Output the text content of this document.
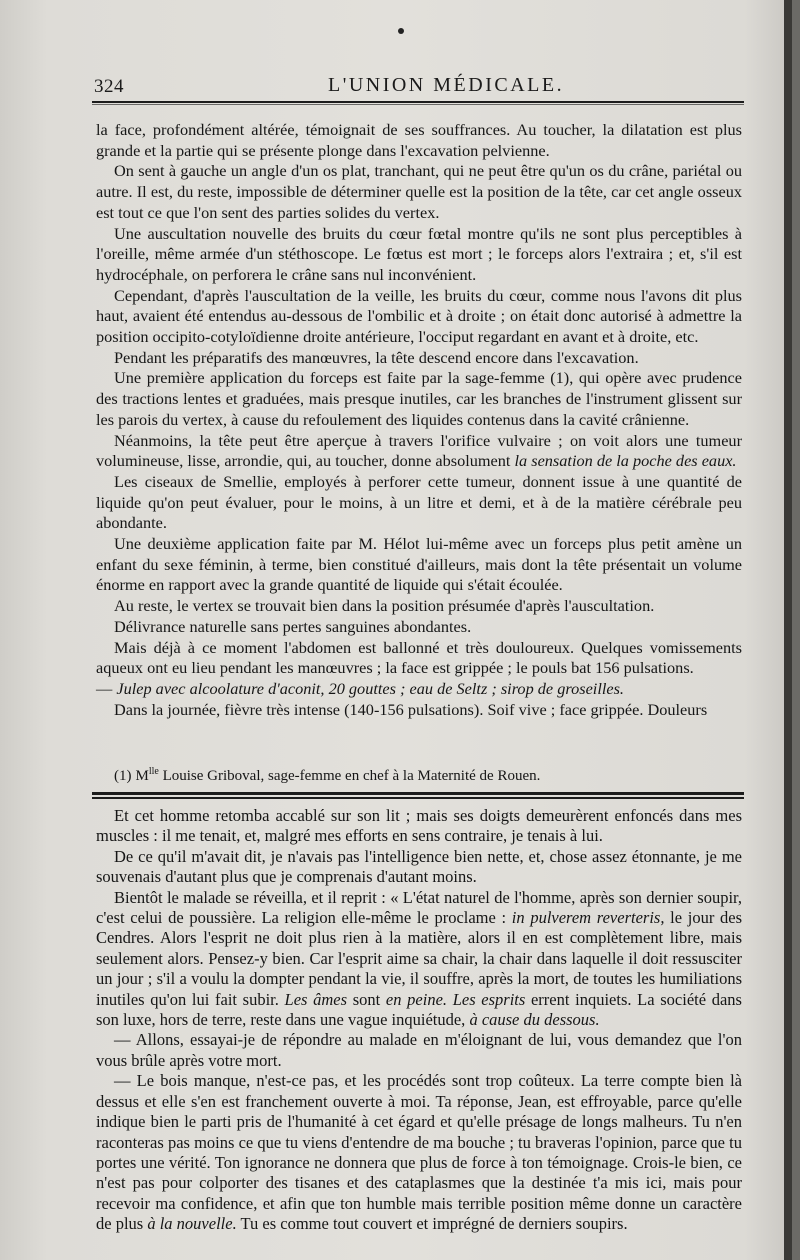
324	L'UNION MÉDICALE.

la face, profondément altérée, témoignait de ses souffrances. Au toucher, la dilatation est plus grande et la partie qui se présente plonge dans l'excavation pelvienne.

On sent à gauche un angle d'un os plat, tranchant, qui ne peut être qu'un os du crâne, pariétal ou autre. Il est, du reste, impossible de déterminer quelle est la position de la tête, car cet angle osseux est tout ce que l'on sent des parties solides du vertex.

Une auscultation nouvelle des bruits du cœur fœtal montre qu'ils ne sont plus perceptibles à l'oreille, même armée d'un stéthoscope. Le fœtus est mort ; le forceps alors l'extraira ; et, s'il est hydrocéphale, on perforera le crâne sans nul inconvénient.

Cependant, d'après l'auscultation de la veille, les bruits du cœur, comme nous l'avons dit plus haut, avaient été entendus au-dessous de l'ombilic et à droite ; on était donc autorisé à admettre la position occipito-cotyloïdienne droite antérieure, l'occiput regardant en avant et à droite, etc.

Pendant les préparatifs des manœuvres, la tête descend encore dans l'excavation.

Une première application du forceps est faite par la sage-femme (1), qui opère avec prudence des tractions lentes et graduées, mais presque inutiles, car les branches de l'instrument glissent sur les parois du vertex, à cause du refoulement des liquides contenus dans la cavité crânienne.

Néanmoins, la tête peut être aperçue à travers l'orifice vulvaire ; on voit alors une tumeur volumineuse, lisse, arrondie, qui, au toucher, donne absolument la sensation de la poche des eaux.

Les ciseaux de Smellie, employés à perforer cette tumeur, donnent issue à une quantité de liquide qu'on peut évaluer, pour le moins, à un litre et demi, et à de la matière cérébrale peu abondante.

Une deuxième application faite par M. Hélot lui-même avec un forceps plus petit amène un enfant du sexe féminin, à terme, bien constitué d'ailleurs, mais dont la tête présentait un volume énorme en rapport avec la grande quantité de liquide qui s'était écoulée.

Au reste, le vertex se trouvait bien dans la position présumée d'après l'auscultation.

Délivrance naturelle sans pertes sanguines abondantes.

Mais déjà à ce moment l'abdomen est ballonné et très douloureux. Quelques vomissements aqueux ont eu lieu pendant les manœuvres ; la face est grippée ; le pouls bat 156 pulsations.

— Julep avec alcoolature d'aconit, 20 gouttes ; eau de Seltz ; sirop de groseilles.

Dans la journée, fièvre très intense (140-156 pulsations). Soif vive ; face grippée. Douleurs

(1) $M^{lle}$ Louise Griboval, sage-femme en chef à la Maternité de Rouen.

Et cet homme retomba accablé sur son lit ; mais ses doigts demeurèrent enfoncés dans mes muscles : il me tenait, et, malgré mes efforts en sens contraire, je tenais à lui.

De ce qu'il m'avait dit, je n'avais pas l'intelligence bien nette, et, chose assez étonnante, je me souvenais d'autant plus que je comprenais d'autant moins.

Bientôt le malade se réveilla, et il reprit : « L'état naturel de l'homme, après son dernier soupir, c'est celui de poussière. La religion elle-même le proclame : in pulverem reverteris, le jour des Cendres. Alors l'esprit ne doit plus rien à la matière, alors il en est complètement libre, mais seulement alors. Pensez-y bien. Car l'esprit aime sa chair, la chair dans laquelle il doit ressusciter un jour ; s'il a voulu la dompter pendant la vie, il souffre, après la mort, de toutes les humiliations inutiles qu'on lui fait subir. Les âmes sont en peine. Les esprits errent inquiets. La société dans son luxe, hors de terre, reste dans une vague inquiétude, à cause du dessous.

— Allons, essayai-je de répondre au malade en m'éloignant de lui, vous demandez que l'on vous brûle après votre mort.

— Le bois manque, n'est-ce pas, et les procédés sont trop coûteux. La terre compte bien là dessus et elle s'en est franchement ouverte à moi. Ta réponse, Jean, est effroyable, parce qu'elle indique bien le parti pris de l'humanité à cet égard et qu'elle présage de longs malheurs. Tu n'en raconteras pas moins ce que tu viens d'entendre de ma bouche ; tu braveras l'opinion, parce que tu portes une vérité. Ton ignorance ne donnera que plus de force à ton témoignage. Crois-le bien, ce n'est pas pour colporter des tisanes et des cataplasmes que la destinée t'a mis ici, mais pour recevoir ma confidence, et afin que ton humble mais terrible position même donne un caractère de plus à la nouvelle. Tu es comme tout couvert et imprégné de derniers soupirs.
